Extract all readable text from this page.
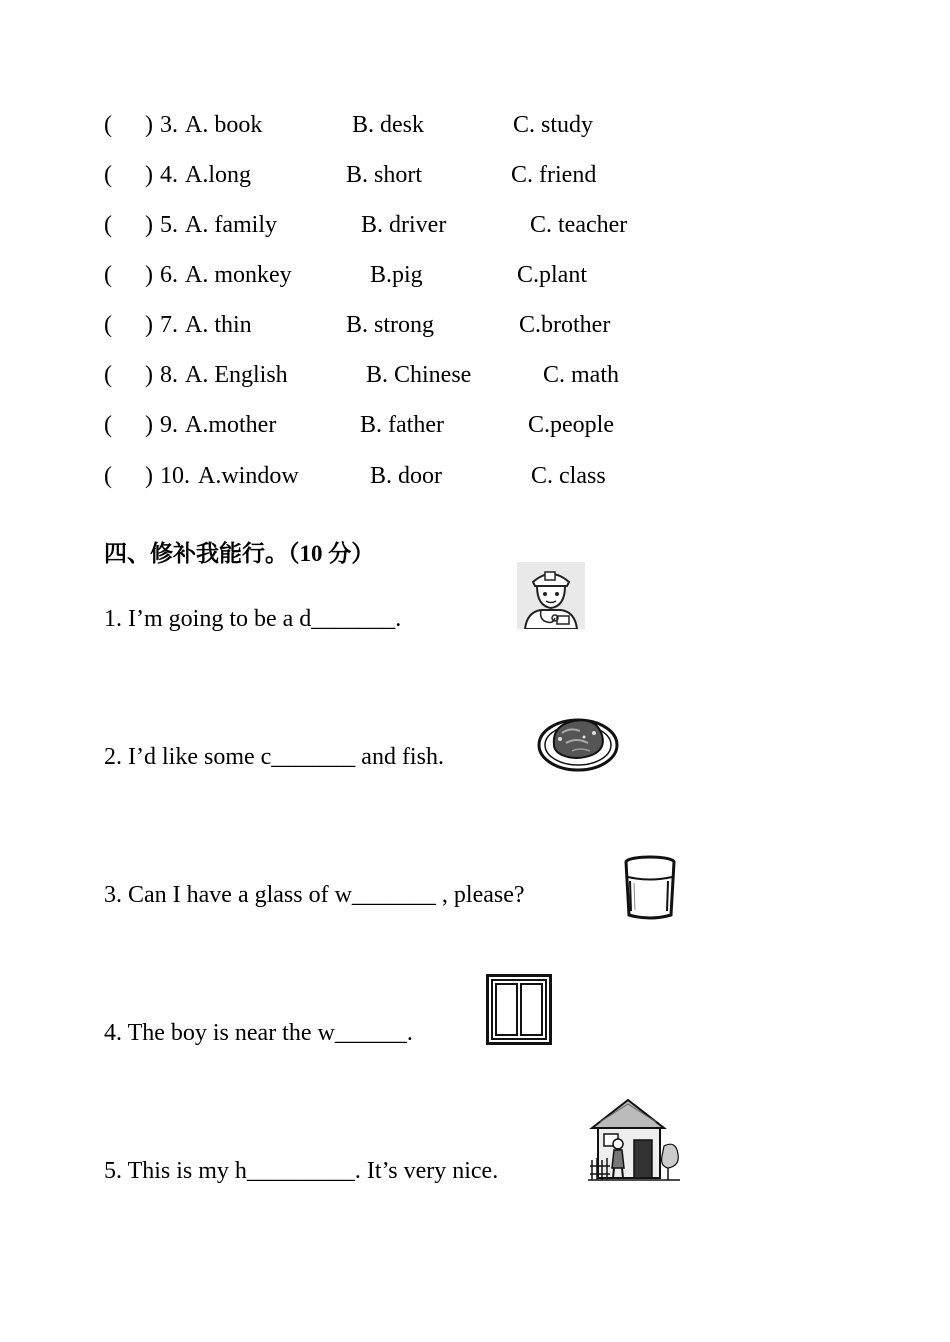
( ) 3. A. book	B. desk	C. study
( ) 4. A.long	B. short	C. friend
( ) 5. A. family	B. driver	C. teacher
( ) 6. A. monkey	B.pig	C.plant
( ) 7. A. thin	B. strong	C.brother
( ) 8. A. English	B. Chinese	C. math
( ) 9. A.mother	B. father	C.people
( ) 10. A.window	B. door	C. class
四、修补我能行。（10 分）
1. I’m going to be a d_______.
2. I’d like some c_______ and fish.
3. Can I have a glass of w_______ , please?
4. The boy is near the w______.
5. This is my h_________. It’s very nice.
